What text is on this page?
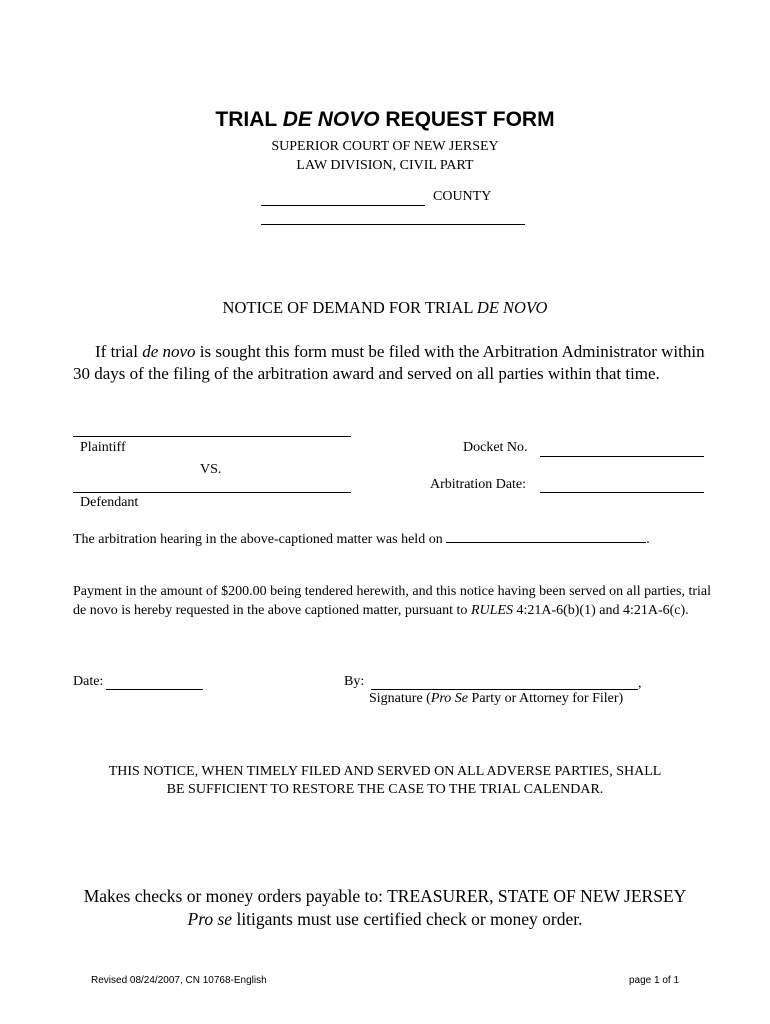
TRIAL DE NOVO REQUEST FORM
SUPERIOR COURT OF NEW JERSEY
LAW DIVISION, CIVIL PART
COUNTY
NOTICE OF DEMAND FOR TRIAL DE NOVO
If trial de novo is sought this form must be filed with the Arbitration Administrator within 30 days of the filing of the arbitration award and served on all parties within that time.
Plaintiff
VS.
Defendant
Docket No.
Arbitration Date:
The arbitration hearing in the above-captioned matter was held on	.
Payment in the amount of $200.00 being tendered herewith, and this notice having been served on all parties, trial de novo is hereby requested in the above captioned matter, pursuant to RULES 4:21A-6(b)(1) and 4:21A-6(c).
Date:	By:	,
Signature (Pro Se Party or Attorney for Filer)
THIS NOTICE, WHEN TIMELY FILED AND SERVED ON ALL ADVERSE PARTIES, SHALL
BE SUFFICIENT TO RESTORE THE CASE TO THE TRIAL CALENDAR.
Makes checks or money orders payable to: TREASURER, STATE OF NEW JERSEY
Pro se litigants must use certified check or money order.
Revised 08/24/2007, CN 10768-English	page 1 of 1
